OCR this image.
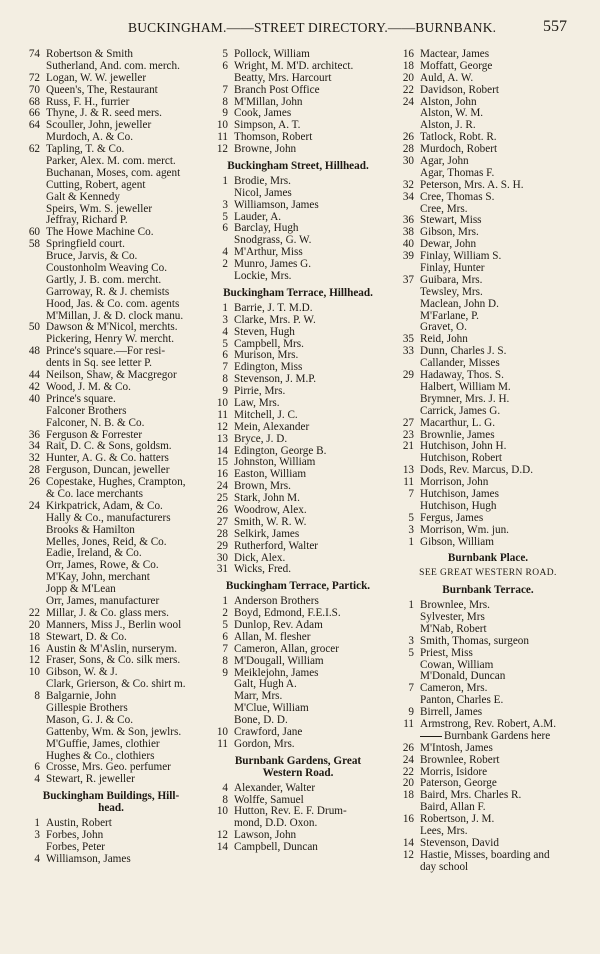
BUCKINGHAM.——STREET DIRECTORY.——BURNBANK.	557
74 Robertson & Smith
Sutherland, And. com. merch.
72 Logan, W. W. jeweller
70 Queen's, The, Restaurant
68 Russ, F. H., furrier
66 Thyne, J. & R. seed mers.
64 Scouller, John, jeweller
Murdoch, A. & Co.
62 Tapling, T. & Co.
Parker, Alex. M. com. merct.
Buchanan, Moses, com. agent
Cutting, Robert, agent
Galt & Kennedy
Speirs, Wm. S. jeweller
Jeffray, Richard P.
60 The Howe Machine Co.
58 Springfield court.
Bruce, Jarvis, & Co.
Coustonholm Weaving Co.
Gartly, J. B. com. mercht.
Garroway, R. & J. chemists
Hood, Jas. & Co. com. agents
M'Millan, J. & D. clock manu.
50 Dawson & M'Nicol, merchts.
Pickering, Henry W. mercht.
48 Prince's square.—For resi-
dents in Sq. see letter P.
44 Neilson, Shaw, & Macgregor
42 Wood, J. M. & Co.
40 Prince's square.
Falconer Brothers
Falconer, N. B. & Co.
36 Ferguson & Forrester
34 Rait, D. C. & Sons, goldsm.
32 Hunter, A. G. & Co. hatters
28 Ferguson, Duncan, jeweller
26 Copestake, Hughes, Crampton,
& Co. lace merchants
24 Kirkpatrick, Adam, & Co.
Hally & Co., manufacturers
Brooks & Hamilton
Melles, Jones, Reid, & Co.
Eadie, Ireland, & Co.
Orr, James, Rowe, & Co.
M'Kay, John, merchant
Jopp & M'Lean
Orr, James, manufacturer
22 Millar, J. & Co. glass mers.
20 Manners, Miss J., Berlin wool
18 Stewart, D. & Co.
16 Austin & M'Aslin, nurserym.
12 Fraser, Sons, & Co. silk mers.
10 Gibson, W. & J.
Clark, Grierson, & Co. shirt m.
8 Balgarnie, John
Gillespie Brothers
Mason, G. J. & Co.
Gattenby, Wm. & Son, jewlrs.
M'Guffie, James, clothier
Hughes & Co., clothiers
6 Crosse, Mrs. Geo. perfumer
4 Stewart, R. jeweller
Buckingham Buildings, Hill-
head.
1 Austin, Robert
3 Forbes, John
Forbes, Peter
4 Williamson, James
5 Pollock, William
6 Wright, M. M'D. architect.
Beatty, Mrs. Harcourt
7 Branch Post Office
8 M'Millan, John
9 Cook, James
10 Simpson, A. T.
11 Thomson, Robert
12 Browne, John
Buckingham Street, Hillhead.
1 Brodie, Mrs.
Nicol, James
3 Williamson, James
5 Lauder, A.
6 Barclay, Hugh
Snodgrass, G. W.
4 M'Arthur, Miss
2 Munro, James G.
Lockie, Mrs.
Buckingham Terrace, Hillhead.
1 Barrie, J. T. M.D.
3 Clarke, Mrs. P. W.
4 Steven, Hugh
5 Campbell, Mrs.
6 Murison, Mrs.
7 Edington, Miss
8 Stevenson, J. M.P.
9 Pirrie, Mrs.
10 Law, Mrs.
11 Mitchell, J. C.
12 Mein, Alexander
13 Bryce, J. D.
14 Edington, George B.
15 Johnston, William
16 Easton, William
24 Brown, Mrs.
25 Stark, John M.
26 Woodrow, Alex.
27 Smith, W. R. W.
28 Selkirk, James
29 Rutherford, Walter
30 Dick, Alex.
31 Wicks, Fred.
Buckingham Terrace, Partick.
1 Anderson Brothers
2 Boyd, Edmond, F.E.I.S.
5 Dunlop, Rev. Adam
6 Allan, M. flesher
7 Cameron, Allan, grocer
8 M'Dougall, William
9 Meiklejohn, James
Galt, Hugh A.
Marr, Mrs.
M'Clue, William
Bone, D. D.
10 Crawford, Jane
11 Gordon, Mrs.
Burnbank Gardens, Great
Western Road.
4 Alexander, Walter
8 Wolffe, Samuel
10 Hutton, Rev. E. F. Drum-
mond, D.D. Oxon.
12 Lawson, John
14 Campbell, Duncan
16 Mactear, James
18 Moffatt, George
20 Auld, A. W.
22 Davidson, Robert
24 Alston, John
Alston, W. M.
Alston, J. R.
26 Tatlock, Robt. R.
28 Murdoch, Robert
30 Agar, John
Agar, Thomas F.
32 Peterson, Mrs. A. S. H.
34 Cree, Thomas S.
Cree, Mrs.
36 Stewart, Miss
38 Gibson, Mrs.
40 Dewar, John
39 Finlay, William S.
Finlay, Hunter
37 Guibara, Mrs.
Tewsley, Mrs.
Maclean, John D.
M'Farlane, P.
Gravet, O.
35 Reid, John
33 Dunn, Charles J. S.
Callander, Misses
29 Hadaway, Thos. S.
Halbert, William M.
Brymner, Mrs. J. H.
Carrick, James G.
27 Macarthur, L. G.
23 Brownlie, James
21 Hutchison, John H.
Hutchison, Robert
13 Dods, Rev. Marcus, D.D.
11 Morrison, John
7 Hutchison, James
Hutchison, Hugh
5 Fergus, James
3 Morrison, Wm. jun.
1 Gibson, William
Burnbank Place.
SEE GREAT WESTERN ROAD.
Burnbank Terrace.
1 Brownlee, Mrs.
Sylvester, Mrs
M'Nab, Robert
3 Smith, Thomas, surgeon
5 Priest, Miss
Cowan, William
M'Donald, Duncan
7 Cameron, Mrs.
Panton, Charles E.
9 Birrell, James
11 Armstrong, Rev. Robert, A.M.
Burnbank Gardens here
26 M'Intosh, James
24 Brownlee, Robert
22 Morris, Isidore
20 Paterson, George
18 Baird, Mrs. Charles R.
Baird, Allan F.
16 Robertson, J. M.
Lees, Mrs.
14 Stevenson, David
12 Hastie, Misses, boarding and
day school
